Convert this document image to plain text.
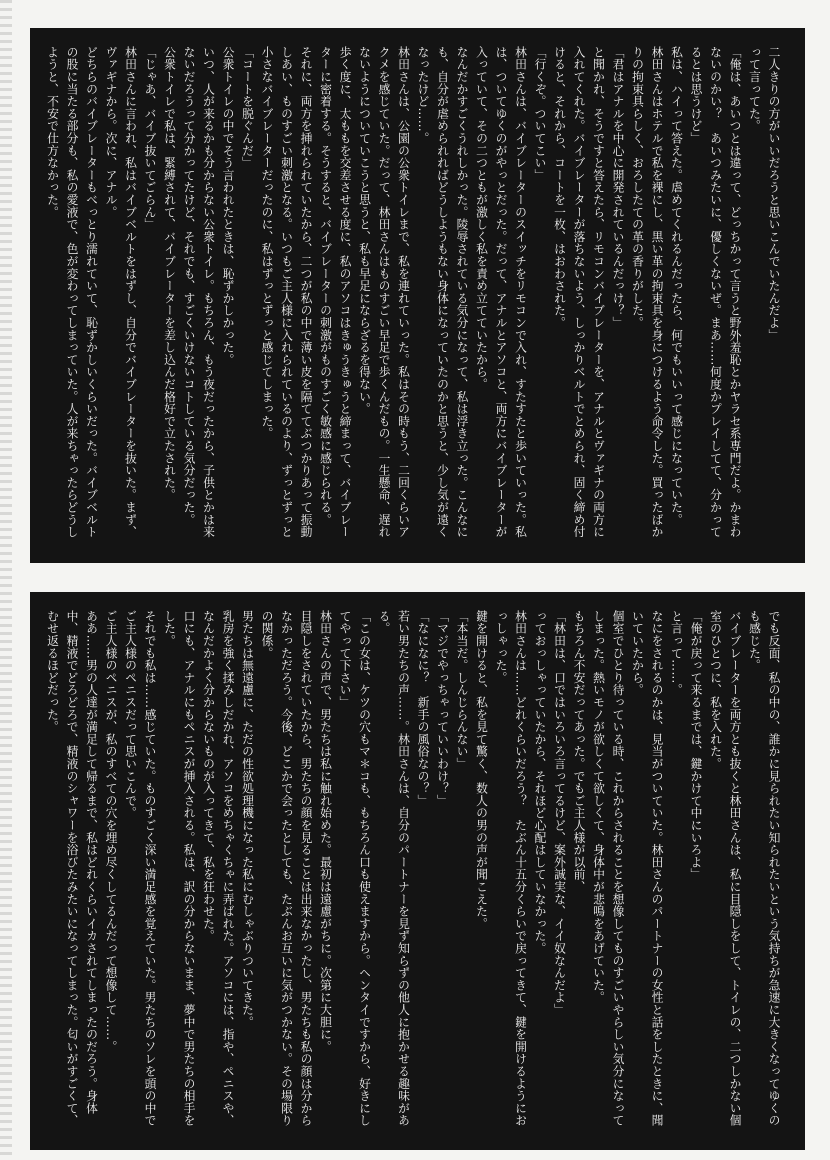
二人きりの方がいいだろうと思いこんでいたんだよ」

って言ってた。

「俺は、あいつとは違って、どっちかって言うと野外羞恥とかヤラセ系専門だよ。かまわないのかい？　あいつみたいに、優しくないぜ。まあ……何度かプレイしてて、分かってるとは思うけど」

私は、ハイって答えた。虐めてくれるんだったら、何でもいいって感じになっていた。

林田さんはホテルで私を裸にし、黒い革の拘束具を身につけるよう命令した。買ったばかりの拘束具らしく、おろしたての革の香りがした。

「君はアナルを中心に開発されているんだっけ？」

と聞かれ、そうですと答えたら、リモコンバイブレーターを、アナルとヴァギナの両方に入れてくれた。バイブレーターが落ちないよう、しっかりベルトでとめられ、固く締め付けると、それから、コートを一枚、はおわされた。

「行くぞ。ついてこい」

林田さんは、バイブレーターのスイッチをリモコンで入れ、すたすたと歩いていった。私は、ついてゆくのがやっとだった。だって、アナルとアソコと、両方にバイブレーターが入っていて、その二つともが激しく私を責め立てていたから。

なんだかすごくうれしかった。陵辱されている気分になって、私は浮き立った。こんなにも、自分が虐められればどうしようもない身体になっていたのかと思うと、少し気が遠くなったけど……。

林田さんは、公園の公衆トイレまで、私を連れていった。私はその時もう、二回くらいアクメを感じていた。だって、林田さんはものすごい早足で歩くんだもの。一生懸命、遅れないようについていこうと思うと、私も早足にならざるを得ない。

歩く度に、太ももを交差させる度に、私のアソコはきゅうきゅうと締まって、バイブレーターに密着する。そうすると、バイブレーターの刺激がものすごく敏感に感じられる。

それに、両方を挿れられていたから、二つが私の中で薄い皮を隔ててぶつかりあって振動しあい、ものすごい刺激となる。いつもご主人様に入れられているのより、ずっとずっと小さなバイブレーターだったのに、私はずっとずっと感じてしまった。

「コートを脱ぐんだ」

公衆トイレの中でそう言われたときは、恥ずかしかった。

いつ、人が来るかも分からない公衆トイレ。もちろん、もう夜だったから、子供とかは来ないだろうって分かってたけど、それでも、すごくいけないコトしている気分だった。

公衆トイレで私は、緊縛されて、バイブレーターを差し込んだ格好で立たされた。

「じゃあ、バイブ抜いてごらん」

林田さんに言われ、私はバイブベルトをはずし、自分でバイブレーターを抜いた。まず、ヴァギナから。次に、アナル。

どちらのバイブレーターもべっとり濡れていて、恥ずかしいくらいだった。バイブベルトの股に当たる部分も、私の愛液で、色が変わってしまっていた。人が来ちゃったらどうしようと、不安で仕方なかった。

でも反面、私の中の、誰かに見られたい知られたいという気持ちが急速に大きくなってゆくのも感じた。

バイブレーターを両方とも抜くと林田さんは、私に目隠しをして、トイレの、二つしかない個室のひとつに、私を入れた。

「俺が戻って来るまでは、鍵かけて中にいろよ」

と言って……。

なにをされるのかは、見当がついていた。林田さんのパートナーの女性と話をしたときに、聞いていたから。

個室でひとり待っている時、これからされることを想像してものすごいやらしい気分になってしまった。熱いモノが欲しくて欲しくて、身体中が悲鳴をあげていた。

もちろん不安だってあった。でもご主人様が以前、

「林田は、口ではいろいろ言ってるけど、案外誠実な、イイ奴なんだよ」

っておっしゃっていたから、それほど心配はしていなかった。

林田さんは……どれくらいだろう？　たぶん十五分くらいで戻ってきて、鍵を開けるようにおっしゃった。

鍵を開けると、私を見て驚く、数人の男の声が聞こえた。

「本当だ。しんじらんない」

「マジでやっちゃっていいわけ？」

「なになに？　新手の風俗なの？」

若い男たちの声……。林田さんは、自分のパートナーを見ず知らずの他人に抱かせる趣味がある。

「この女は、ケツの穴もマ＊コも、もちろん口も使えますから。ヘンタイですから、好きにしてやって下さい」

林田さんの声で、男たちは私に触れ始めた。最初は遠慮がちに。次第に大胆に。

目隠しをされていたから、男たちの顔を見ることは出来なかったし、男たちも私の顔は分からなかっただろう。今後、どこかで会ったとしても、たぶんお互いに気がつかない。その場限りの関係。

男たちは無遠慮に、ただの性欲処理機になった私にむしゃぶりついてきた。

乳房を強く揉みしだかれ、アソコをめちゃくちゃに弄ばれた。アソコには、指や、ペニスや、なんだかよく分からないものが入ってきて、私を狂わせた。

口にも、アナルにもペニスが挿入される。私は、訳の分からないまま、夢中で男たちの相手をした。

それでも私は……感じていた。ものすごく深い満足感を覚えていた。男たちのソレを頭の中でご主人様のペニスだって思いこんで。

ご主人様のペニスが、私のすべての穴を埋め尽くしてるんだって想像して……。

ああ……男の人達が満足して帰るまで、私はどれくらいイカされてしまったのだろう。身体中、精液でどろどろで、精液のシャワーを浴びたみたいになってしまった。匂いがすごくて、むせ返るほどだった。
